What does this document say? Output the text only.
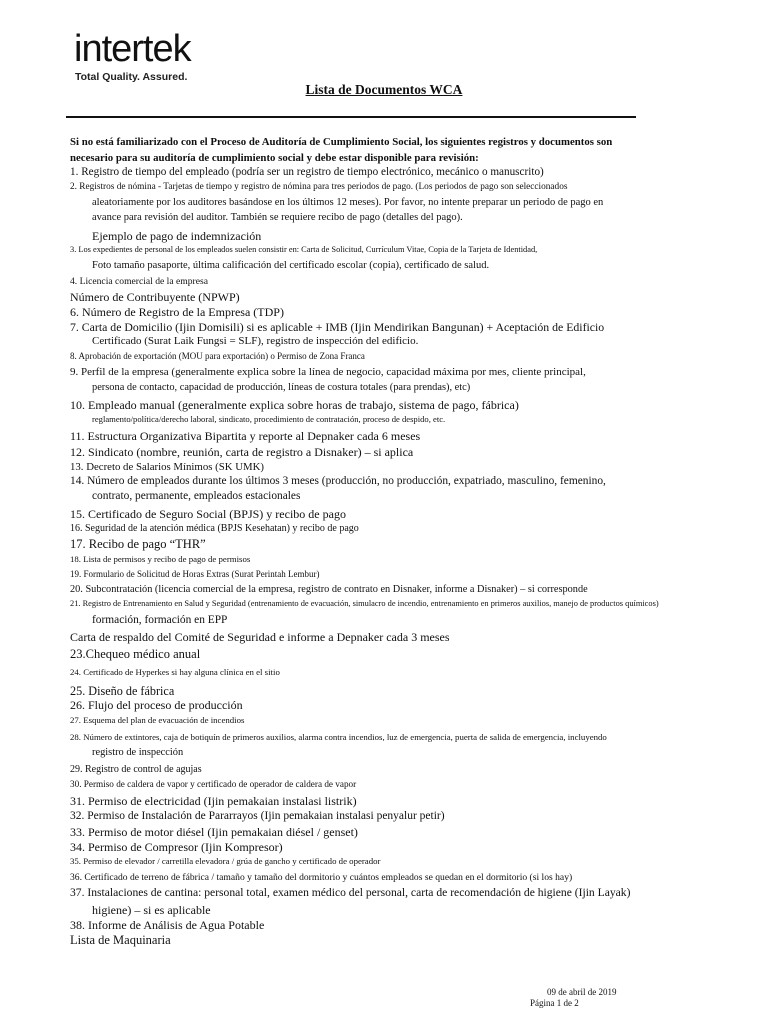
intertek
Total Quality. Assured.
Lista de Documentos WCA
Si no está familiarizado con el Proceso de Auditoría de Cumplimiento Social, los siguientes registros y documentos son
necesario para su auditoría de cumplimiento social y debe estar disponible para revisión:
1. Registro de tiempo del empleado (podría ser un registro de tiempo electrónico, mecánico o manuscrito)
2. Registros de nómina - Tarjetas de tiempo y registro de nómina para tres periodos de pago. (Los periodos de pago son seleccionados
aleatoriamente por los auditores basándose en los últimos 12 meses). Por favor, no intente preparar un periodo de pago en
avance para revisión del auditor. También se requiere recibo de pago (detalles del pago).
Ejemplo de pago de indemnización
3. Los expedientes de personal de los empleados suelen consistir en: Carta de Solicitud, Currículum Vitae, Copia de la Tarjeta de Identidad,
Foto tamaño pasaporte, última calificación del certificado escolar (copia), certificado de salud.
4. Licencia comercial de la empresa
Número de Contribuyente (NPWP)
6. Número de Registro de la Empresa (TDP)
7. Carta de Domicilio (Ijin Domisili) si es aplicable + IMB (Ijin Mendirikan Bangunan) + Aceptación de Edificio
Certificado (Surat Laik Fungsi = SLF), registro de inspección del edificio.
8. Aprobación de exportación (MOU para exportación) o Permiso de Zona Franca
9. Perfil de la empresa (generalmente explica sobre la línea de negocio, capacidad máxima por mes, cliente principal,
persona de contacto, capacidad de producción, líneas de costura totales (para prendas), etc)
10. Empleado manual (generalmente explica sobre horas de trabajo, sistema de pago, fábrica)
reglamento/política/derecho laboral, sindicato, procedimiento de contratación, proceso de despido, etc.
11. Estructura Organizativa Bipartita y reporte al Depnaker cada 6 meses
12. Sindicato (nombre, reunión, carta de registro a Disnaker) – si aplica
13. Decreto de Salarios Mínimos (SK UMK)
14. Número de empleados durante los últimos 3 meses (producción, no producción, expatriado, masculino, femenino,
contrato, permanente, empleados estacionales
15. Certificado de Seguro Social (BPJS) y recibo de pago
16. Seguridad de la atención médica (BPJS Kesehatan) y recibo de pago
17. Recibo de pago “THR”
18. Lista de permisos y recibo de pago de permisos
19. Formulario de Solicitud de Horas Extras (Surat Perintah Lembur)
20. Subcontratación (licencia comercial de la empresa, registro de contrato en Disnaker, informe a Disnaker) – si corresponde
21. Registro de Entrenamiento en Salud y Seguridad (entrenamiento de evacuación, simulacro de incendio, entrenamiento en primeros auxilios, manejo de productos químicos)
formación, formación en EPP
Carta de respaldo del Comité de Seguridad e informe a Depnaker cada 3 meses
23.Chequeo médico anual
24. Certificado de Hyperkes si hay alguna clínica en el sitio
25. Diseño de fábrica
26. Flujo del proceso de producción
27. Esquema del plan de evacuación de incendios
28. Número de extintores, caja de botiquín de primeros auxilios, alarma contra incendios, luz de emergencia, puerta de salida de emergencia, incluyendo
registro de inspección
29. Registro de control de agujas
30. Permiso de caldera de vapor y certificado de operador de caldera de vapor
31. Permiso de electricidad (Ijin pemakaian instalasi listrik)
32. Permiso de Instalación de Pararrayos (Ijin pemakaian instalasi penyalur petir)
33. Permiso de motor diésel (Ijin pemakaian diésel / genset)
34. Permiso de Compresor (Ijin Kompresor)
35. Permiso de elevador / carretilla elevadora / grúa de gancho y certificado de operador
36. Certificado de terreno de fábrica / tamaño y tamaño del dormitorio y cuántos empleados se quedan en el dormitorio (si los hay)
37. Instalaciones de cantina: personal total, examen médico del personal, carta de recomendación de higiene (Ijin Layak)
higiene) – si es aplicable
38. Informe de Análisis de Agua Potable
Lista de Maquinaria
09 de abril de 2019
Página 1 de 2
